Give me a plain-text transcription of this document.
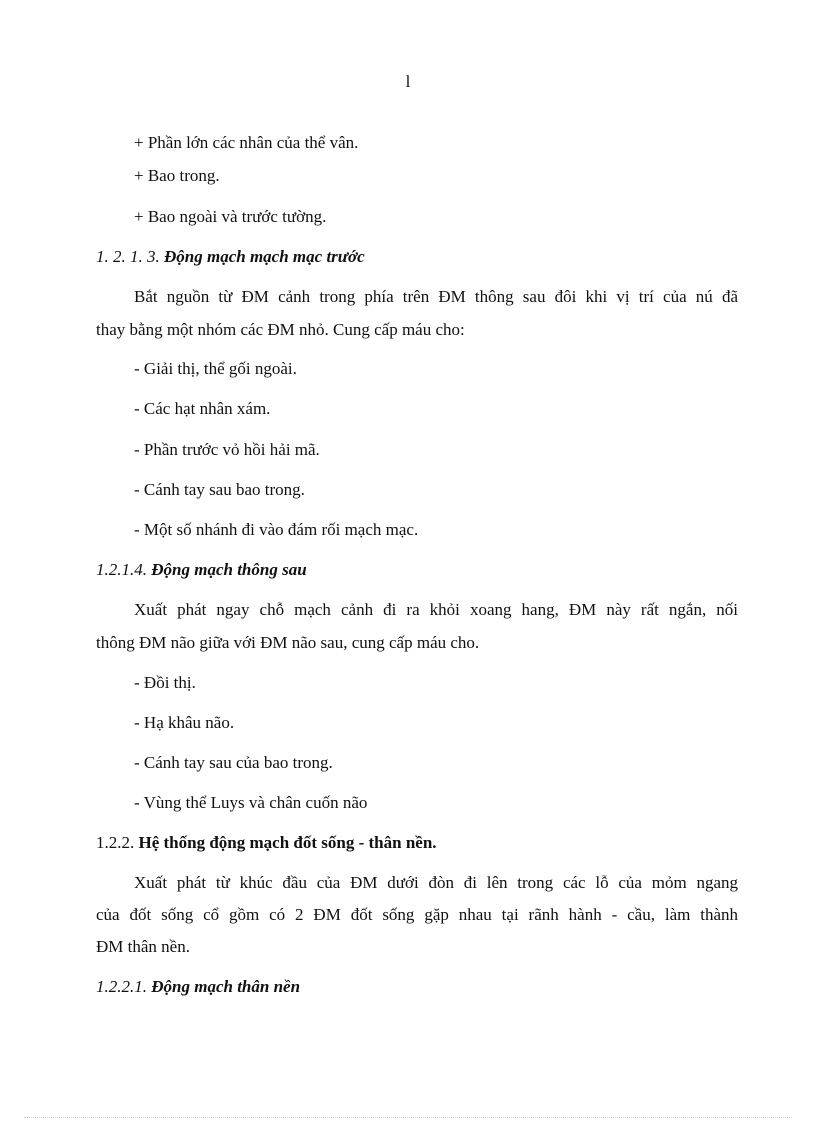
l
+ Phần lớn các nhân của thể vân.
+ Bao trong.
+ Bao ngoài và trước tường.
1. 2. 1. 3. Động mạch mạch mạc trước
Bắt nguồn từ ĐM cảnh trong phía trên ĐM thông sau đôi khi vị trí của nú đã
thay bằng một nhóm các ĐM nhỏ. Cung cấp máu cho:
- Giải thị, thể gối ngoài.
- Các hạt nhân xám.
- Phần trước vỏ hồi hải mã.
- Cánh tay sau bao trong.
- Một số nhánh đi vào đám rối mạch mạc.
1.2.1.4. Động mạch thông sau
Xuất phát ngay chỗ mạch cảnh đi ra khỏi xoang hang, ĐM này rất ngắn, nối
thông ĐM não giữa với ĐM não sau, cung cấp máu cho.
- Đồi thị.
- Hạ khâu não.
- Cánh tay sau của bao trong.
- Vùng thể Luys và chân cuốn não
1.2.2. Hệ thống động mạch đốt sống - thân nền.
Xuất phát từ khúc đầu của ĐM dưới đòn đi lên trong các lỗ của mỏm ngang
của đốt sống cổ gồm có 2 ĐM đốt sống gặp nhau tại rãnh hành - cầu, làm thành
ĐM thân nền.
1.2.2.1. Động mạch thân nền
